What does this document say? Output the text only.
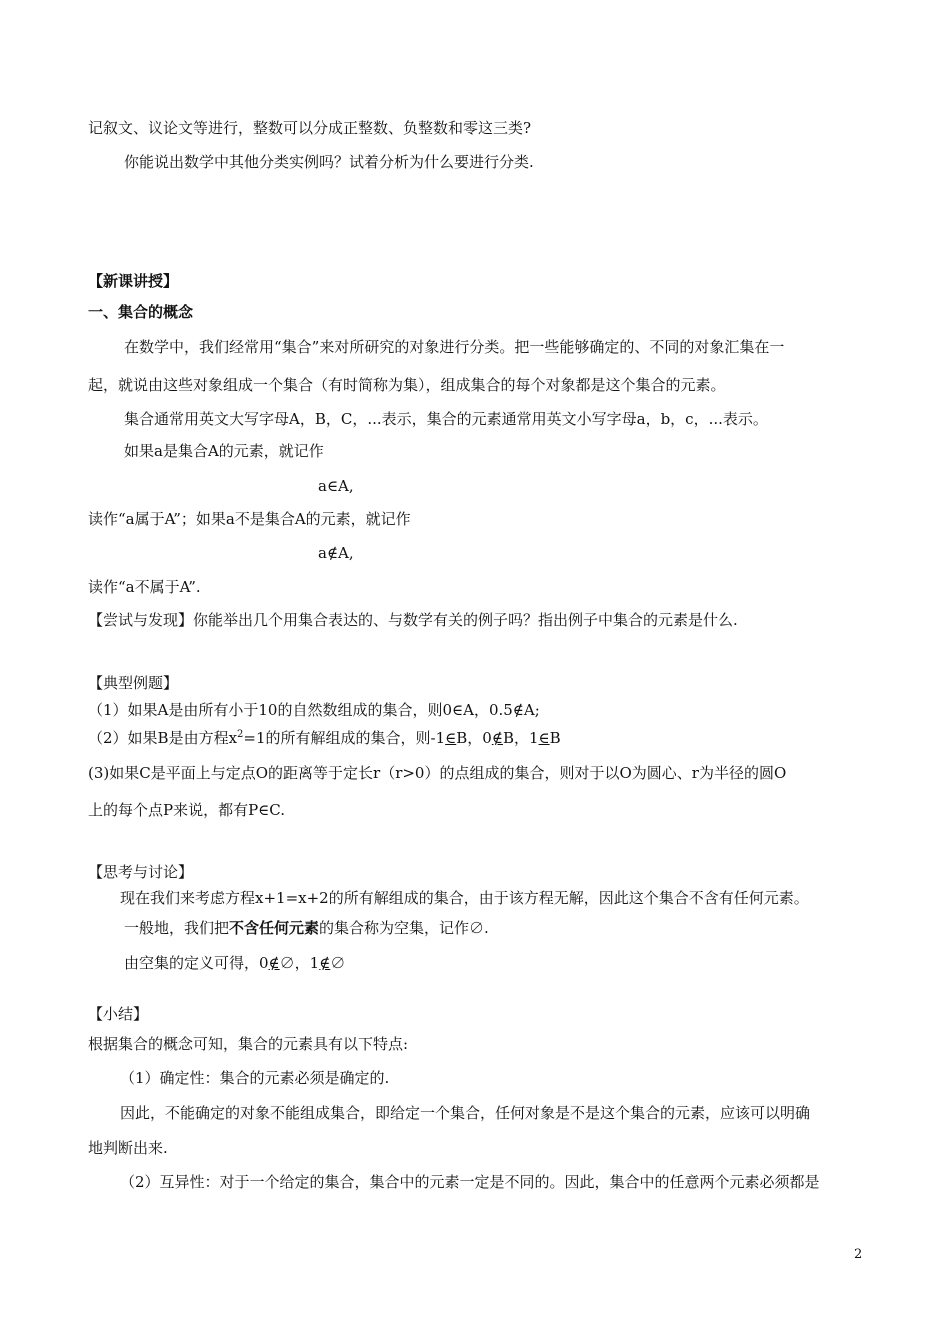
记叙文、议论文等进行，整数可以分成正整数、负整数和零这三类?
你能说出数学中其他分类实例吗？试着分析为什么要进行分类.
【新课讲授】
一、集合的概念
在数学中，我们经常用“集合”来对所研究的对象进行分类。把一些能够确定的、不同的对象汇集在一
起，就说由这些对象组成一个集合（有时简称为集），组成集合的每个对象都是这个集合的元素。
集合通常用英文大写字母A，B，C，...表示，集合的元素通常用英文小写字母a，b，c，...表示。
如果a是集合A的元素，就记作
a∈A,
读作“a属于A”；如果a不是集合A的元素，就记作
a∉A,
读作“a不属于A”.
【尝试与发现】你能举出几个用集合表达的、与数学有关的例子吗？指出例子中集合的元素是什么.
【典型例题】
（1）如果A是由所有小于10的自然数组成的集合，则0∈A，0.5∉A;
（2）如果B是由方程$x^2=1$的所有解组成的集合，则-1∈B，0∉B，1∈B
(3)如果C是平面上与定点O的距离等于定长r（r>0）的点组成的集合，则对于以O为圆心、r为半径的圆O
上的每个点P来说，都有P∈C.
【思考与讨论】
现在我们来考虑方程x+1=x+2的所有解组成的集合，由于该方程无解，因此这个集合不含有任何元素。
一般地，我们把不含任何元素的集合称为空集，记作∅.
由空集的定义可得，0∉∅，1∉∅
【小结】
根据集合的概念可知，集合的元素具有以下特点:
（1）确定性：集合的元素必须是确定的.
因此，不能确定的对象不能组成集合，即给定一个集合，任何对象是不是这个集合的元素，应该可以明确
地判断出来.
（2）互异性：对于一个给定的集合，集合中的元素一定是不同的。因此，集合中的任意两个元素必须都是
2
